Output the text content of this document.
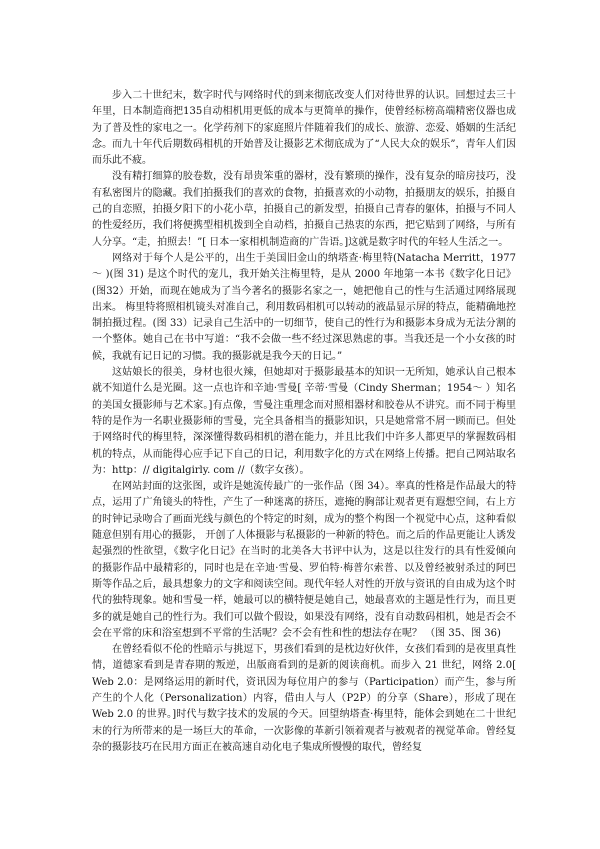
步入二十世纪末，数字时代与网络时代的到来彻底改变人们对待世界的认识。回想过去三十年里，日本制造商把135自动相机用更低的成本与更简单的操作，使曾经标榜高端精密仪器也成为了普及性的家电之一。化学药剂下的家庭照片伴随着我们的成长、旅游、恋爱、婚姻的生活纪念。而九十年代后期数码相机的开始普及让摄影艺术彻底成为了“人民大众的娱乐”，青年人们因而乐此不疲。

没有精打细算的胶卷数，没有昂贵笨重的器材，没有繁琐的操作，没有复杂的暗房技巧，没有私密图片的隐藏。我们拍摄我们的喜欢的食物，拍摄喜欢的小动物，拍摄朋友的娱乐，拍摄自己的自恋照，拍摄夕阳下的小花小草，拍摄自己的新发型，拍摄自己青春的躯体，拍摄与不同人的性爱经历，我们将便携型相机拨到全自动档，拍摄自己热衷的东西，把它贴到了网络，与所有人分享。“走，拍照去！”[ 日本一家相机制造商的广告语。]这就是数字时代的年轻人生活之一。

网络对于每个人是公平的，出生于美国旧金山的纳塔查·梅里特(Natacha Merritt，1977 ～ )(图 31) 是这个时代的宠儿，我开始关注梅里特，是从 2000 年地第一本书《数字化日记》(图32）开始，而现在她成为了当今著名的摄影名家之一，她把他自己的性与生活通过网络展现出来。 梅里特将照相机镜头对准自己，利用数码相机可以转动的液晶显示屏的特点，能精确地控制拍摄过程。(图 33）记录自己生活中的一切细节，使自己的性行为和摄影本身成为无法分割的一个整体。她自己在书中写道：“我不会做一些不经过深思熟虑的事。当我还是一个小女孩的时候，我就有记日记的习惯。我的摄影就是我今天的日记。”

这姑娘长的很美，身材也很火辣，但她却对于摄影最基本的知识一无所知，她承认自己根本就不知道什么是光圈。这一点也许和辛迪·雪曼[ 辛蒂·雪曼（Cindy Sherman；1954～ ）知名的美国女摄影师与艺术家。]有点像，雪曼注重理念而对照相器材和胶卷从不讲究。而不同于梅里特的是作为一名职业摄影师的雪曼，完全具备相当的摄影知识，只是她常常不屑一顾而已。但处于网络时代的梅里特，深深懂得数码相机的潜在能力，并且比我们中许多人都更早的掌握数码相机的特点，从而能得心应手记下自己的日记，利用数字化的方式在网络上传播。把自己网站取名为：http：// digitalgirly. com //（数字女孩）。

在网站封面的这张图，或许是她流传最广的一张作品（图 34）。率真的性格是作品最大的特点，运用了广角镜头的特性，产生了一种迷离的挤压，遮掩的胸部让观者更有遐想空间，右上方的时钟记录吻合了画面光线与颜色的个特定的时刻，成为的整个构图一个视觉中心点，这种看似随意但别有用心的摄影， 开创了人体摄影与私摄影的一种新的特色。而之后的作品更能让人诱发起强烈的性欲望，《数字化日记》在当时的北美各大书评中认为，这是以往发行的具有性爱倾向的摄影作品中最精彩的，同时也是在辛迪·雪曼、罗伯特·梅普尔索普、以及曾经被射杀过的阿巴斯等作品之后，最具想象力的文字和阅读空间。现代年轻人对性的开放与资讯的自由成为这个时代的独特现象。她和雪曼一样，她最可以的横特便是她自己，她最喜欢的主题是性行为，而且更多的就是她自己的性行为。我们可以做个假设，如果没有网络，没有自动数码相机，她是否会不会在平常的床和浴室想到不平常的生活呢？会不会有性和性的想法存在呢？ （图 35、图 36)

在曾经看似不伦的性暗示与挑逗下，男孩们看到的是枕边好伙伴，女孩们看到的是夜里真性情，道德家看到是青春期的叛逆，出版商看到的是新的阅读商机。而步入 21 世纪，网络 2.0[ Web 2.0：是网络运用的新时代，资讯因为每位用户的参与（Participation）而产生，参与所产生的个人化（Personalization）内容，借由人与人（P2P）的分享（Share），形成了现在 Web 2.0 的世界。]时代与数字技术的发展的今天。回望纳塔查·梅里特，能体会到她在二十世纪末的行为所带来的是一场巨大的革命，一次影像的革新引领着观者与被观者的视觉革命。曾经复杂的摄影技巧在民用方面正在被高速自动化电子集成所慢慢的取代，曾经复
